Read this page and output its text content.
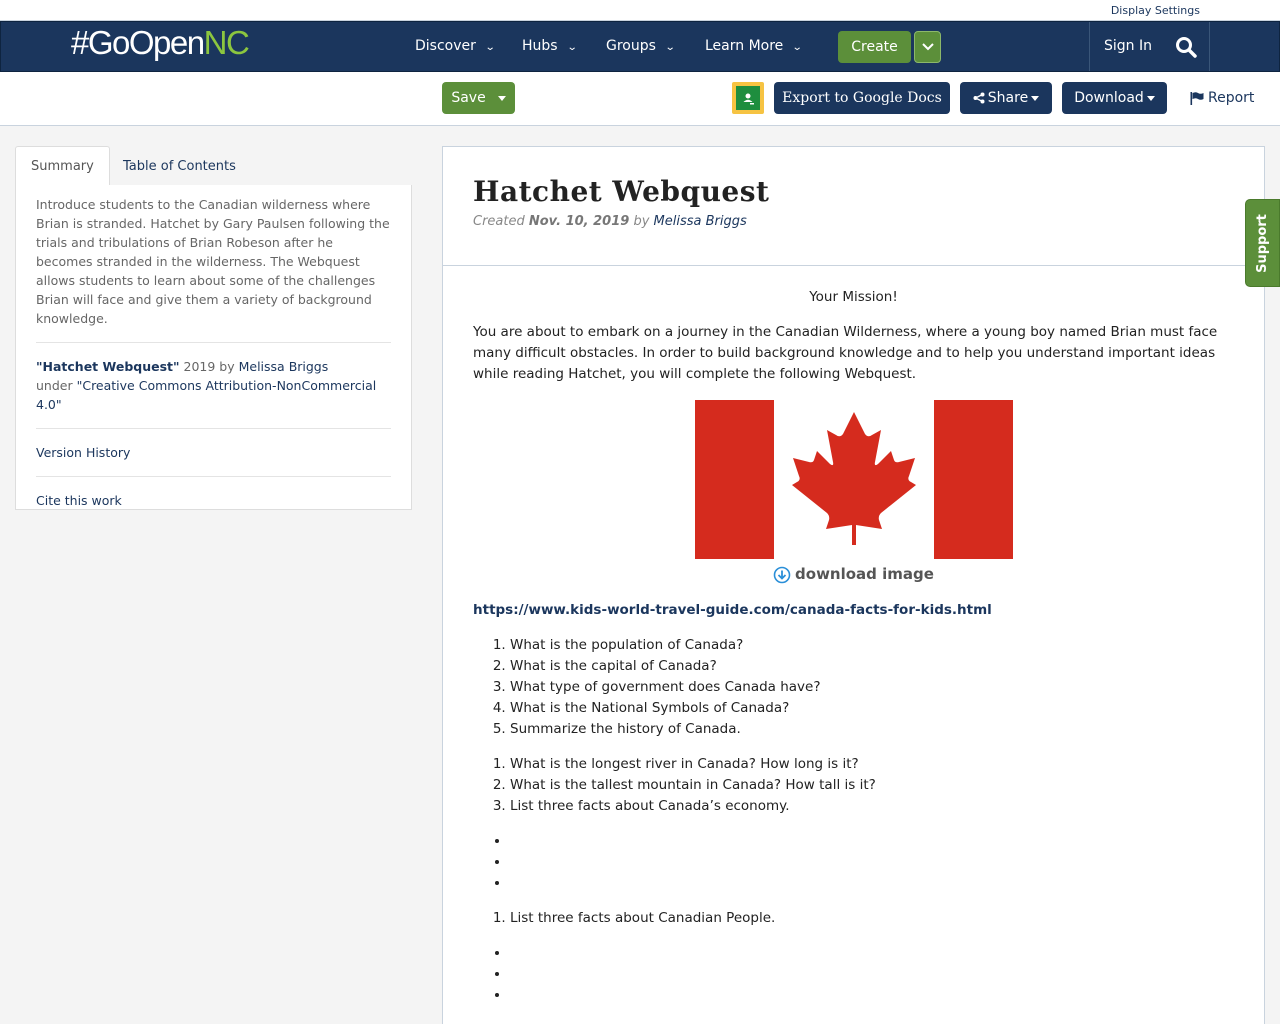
Display Settings
#GoOpenNC	Discover ⌄ Hubs ⌄ Groups ⌄ Learn More ⌄	Create	Sign In
Save	Export to Google Docs	Share	Download	Report
Summary	Table of Contents

Introduce students to the Canadian wilderness where Brian is stranded. Hatchet by Gary Paulsen following the trials and tribulations of Brian Robeson after he becomes stranded in the wilderness. The Webquest allows students to learn about some of the challenges Brian will face and give them a variety of background knowledge.

"Hatchet Webquest" 2019 by Melissa Briggs
under "Creative Commons Attribution-NonCommercial 4.0"

Version History
Cite this work
Hatchet Webquest
Created Nov. 10, 2019 by Melissa Briggs

Your Mission!

You are about to embark on a journey in the Canadian Wilderness, where a young boy named Brian must face many difficult obstacles. In order to build background knowledge and to help you understand important ideas while reading Hatchet, you will complete the following Webquest.

download image

https://www.kids-world-travel-guide.com/canada-facts-for-kids.html

1. What is the population of Canada?
2. What is the capital of Canada?
3. What type of government does Canada have?
4. What is the National Symbols of Canada?
5. Summarize the history of Canada.
1. What is the longest river in Canada? How long is it?
2. What is the tallest mountain in Canada? How tall is it?
3. List three facts about Canada’s economy.
•
•
•
1. List three facts about Canadian People.
•
•
•
Support
